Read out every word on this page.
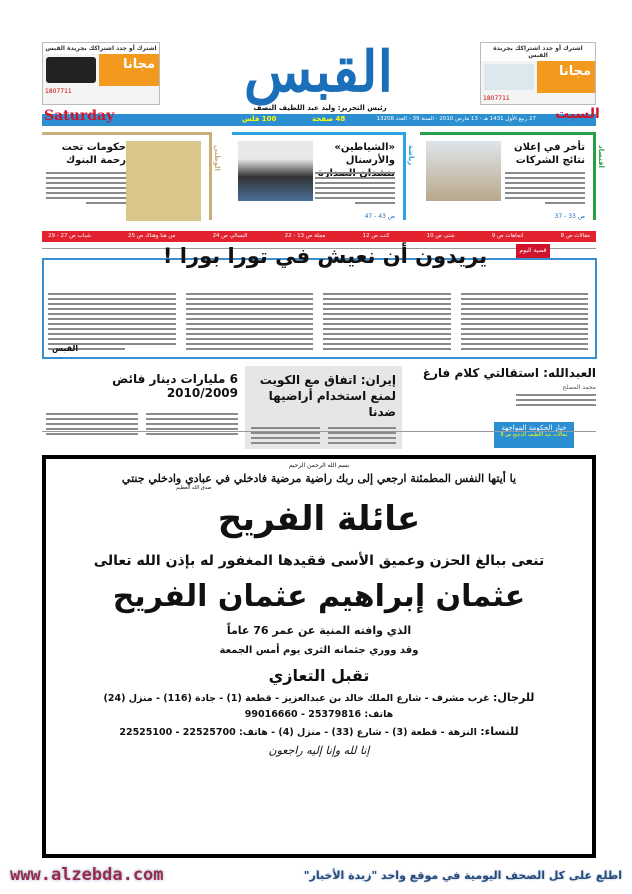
اشترك أو جدد اشتراكك بجريدة القبس
مجانا
1807711
اشترك أو جدد اشتراكك بجريدة القبس
مجانا
1807711
القبس
رئيس التحرير: وليد عبد اللطيف النصف
27 ربيع الأول 1431 هـ - 13 مارس 2010 - السنة 39 - العدد 13208
48 صفحة
100 فلس
Saturday	السبت
اقتصاد
تأخر في إعلان نتائج الشركات
ص 33 - 37
رياضة
«الشياطين» والأرسنال
ص 43 - 47
الوطني
حكومات تحت رحمة البنوك
مقالات ص 8
اتجاهات ص 9
شتى ص 10
كتب ص 12
مجلة ص 13 - 22
التسالي ص 24
من هنا وهناك ص 25
شباب ص 27 - 29
قضية اليوم
يريدون أن نعيش في تورا بورا !
القبس
العبدالله: استقالتي كلام فارغ
محمد المصلح
خيار الحكومة المواجهة
مقالات عبد اللطيف الدعيج ص 8
إيران: اتفاق مع الكويت لمنع استخدام أراضيها ضدنا
6 مليارات دينار فائض 2010/2009
بسم الله الرحمن الرحيم
يا أيتها النفس المطمئنة ارجعي إلى ربك راضية مرضية فادخلي في عبادي وادخلي جنتي
صدق الله العظيم
عائلة الفريح
تنعى ببالغ الحزن وعميق الأسى فقيدها المغفور له بإذن الله تعالى
عثمان إبراهيم عثمان الفريح
الذي وافته المنية عن عمر 76 عاماً
وقد ووري جثمانه الثرى يوم أمس الجمعة
تقبل التعازي
للرجال: غرب مشرف - شارع الملك خالد بن عبدالعزيز - قطعة (1) - جادة (116) - منزل (24)
هاتف: 25379816 - 99016660
للنساء: النزهة - قطعة (3) - شارع (33) - منزل (4) - هاتف: 22525700 - 22525100
إنا لله وإنا إليه راجعون
www.alzebda.com	اطلع على كل الصحف اليومية في موقع واحد "زبدة الأخبار"
